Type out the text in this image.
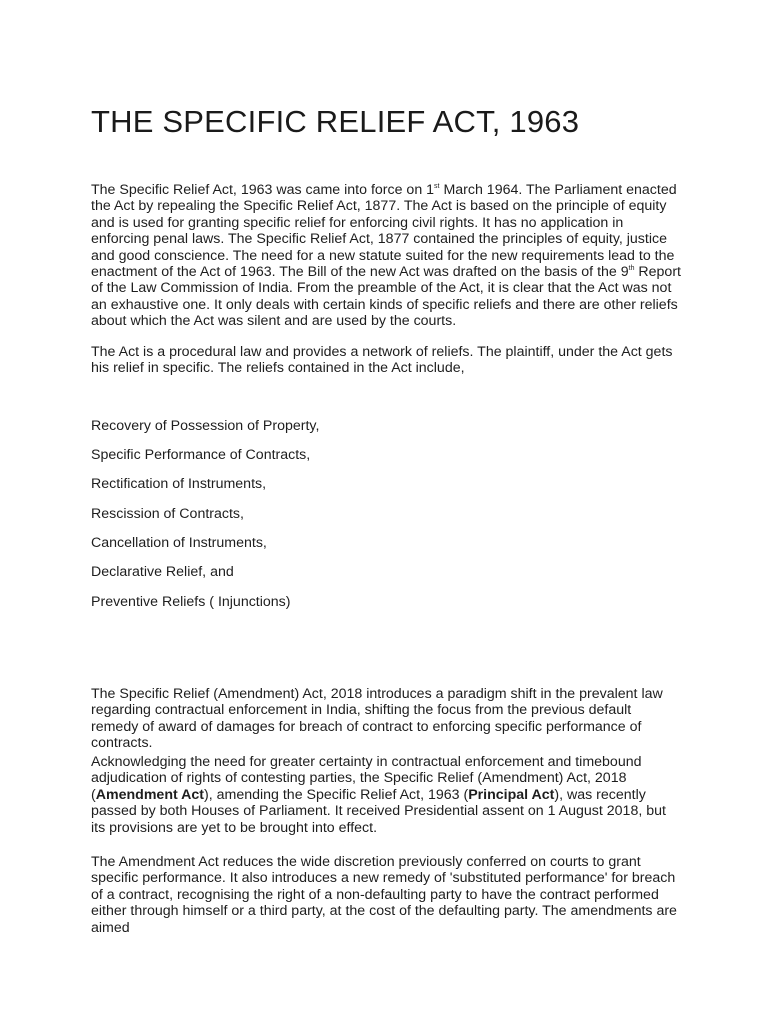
THE SPECIFIC RELIEF ACT, 1963

The Specific Relief Act, 1963 was came into force on 1st March 1964. The Parliament enacted the Act by repealing the Specific Relief Act, 1877. The Act is based on the principle of equity and is used for granting specific relief for enforcing civil rights. It has no application in enforcing penal laws. The Specific Relief Act, 1877 contained the principles of equity, justice and good conscience. The need for a new statute suited for the new requirements lead to the enactment of the Act of 1963. The Bill of the new Act was drafted on the basis of the 9th Report of the Law Commission of India. From the preamble of the Act, it is clear that the Act was not an exhaustive one. It only deals with certain kinds of specific reliefs and there are other reliefs about which the Act was silent and are used by the courts.

The Act is a procedural law and provides a network of reliefs. The plaintiff, under the Act gets his relief in specific. The reliefs contained in the Act include,

Recovery of Possession of Property,

Specific Performance of Contracts,

Rectification of Instruments,

Rescission of Contracts,

Cancellation of Instruments,

Declarative Relief, and

Preventive Reliefs ( Injunctions)

The Specific Relief (Amendment) Act, 2018 introduces a paradigm shift in the prevalent law regarding contractual enforcement in India, shifting the focus from the previous default remedy of award of damages for breach of contract to enforcing specific performance of contracts.

Acknowledging the need for greater certainty in contractual enforcement and timebound adjudication of rights of contesting parties, the Specific Relief (Amendment) Act, 2018 (Amendment Act), amending the Specific Relief Act, 1963 (Principal Act), was recently passed by both Houses of Parliament. It received Presidential assent on 1 August 2018, but its provisions are yet to be brought into effect.

The Amendment Act reduces the wide discretion previously conferred on courts to grant specific performance. It also introduces a new remedy of 'substituted performance' for breach of a contract, recognising the right of a non-defaulting party to have the contract performed either through himself or a third party, at the cost of the defaulting party. The amendments are aimed
